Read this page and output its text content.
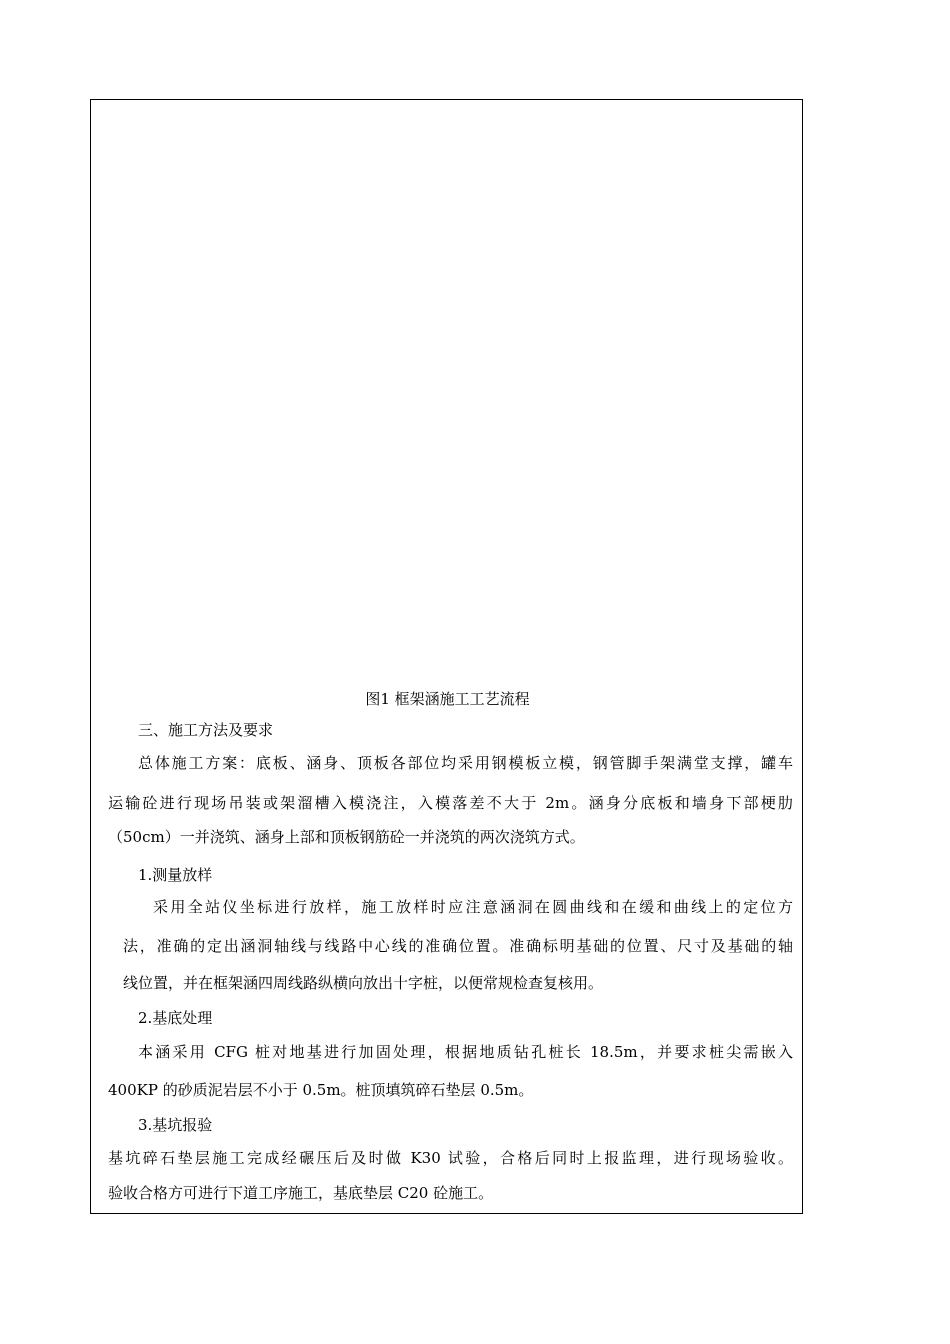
图1 框架涵施工工艺流程

三、施工方法及要求

总体施工方案：底板、涵身、顶板各部位均采用钢模板立模，钢管脚手架满堂支撑，罐车

运输砼进行现场吊装或架溜槽入模浇注，入模落差不大于 2m。涵身分底板和墙身下部梗肋

（50cm）一并浇筑、涵身上部和顶板钢筋砼一并浇筑的两次浇筑方式。

1.测量放样

采用全站仪坐标进行放样，施工放样时应注意涵洞在圆曲线和在缓和曲线上的定位方

法，准确的定出涵洞轴线与线路中心线的准确位置。准确标明基础的位置、尺寸及基础的轴

线位置，并在框架涵四周线路纵横向放出十字桩，以便常规检查复核用。

2.基底处理

本涵采用 CFG 桩对地基进行加固处理，根据地质钻孔桩长 18.5m，并要求桩尖需嵌入

400KP 的砂质泥岩层不小于 0.5m。桩顶填筑碎石垫层 0.5m。

3.基坑报验

基坑碎石垫层施工完成经碾压后及时做 K30 试验，合格后同时上报监理，进行现场验收。

验收合格方可进行下道工序施工，基底垫层 C20 砼施工。
